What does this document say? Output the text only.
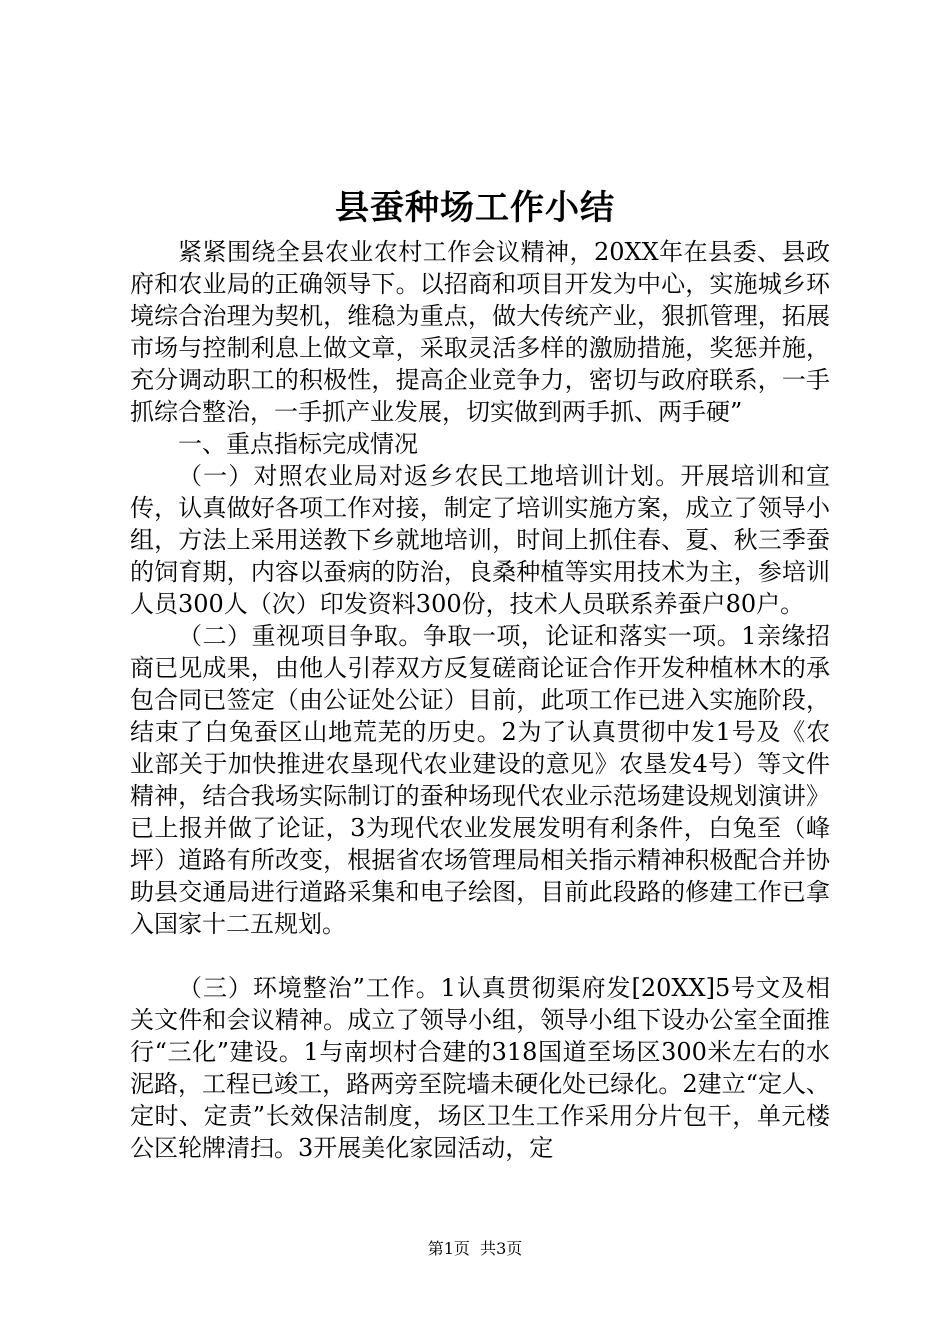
县蚕种场工作小结

紧紧围绕全县农业农村工作会议精神，20XX年在县委、县政府和农业局的正确领导下。以招商和项目开发为中心，实施城乡环境综合治理为契机，维稳为重点，做大传统产业，狠抓管理，拓展市场与控制利息上做文章，采取灵活多样的激励措施，奖惩并施，充分调动职工的积极性，提高企业竞争力，密切与政府联系，一手抓综合整治，一手抓产业发展，切实做到两手抓、两手硬”

一、重点指标完成情况

（一）对照农业局对返乡农民工地培训计划。开展培训和宣传，认真做好各项工作对接，制定了培训实施方案，成立了领导小组，方法上采用送教下乡就地培训，时间上抓住春、夏、秋三季蚕的饲育期，内容以蚕病的防治，良桑种植等实用技术为主，参培训人员300人（次）印发资料300份，技术人员联系养蚕户80户。

（二）重视项目争取。争取一项，论证和落实一项。1亲缘招商已见成果，由他人引荐双方反复磋商论证合作开发种植林木的承包合同已签定（由公证处公证）目前，此项工作已进入实施阶段，结束了白兔蚕区山地荒芜的历史。2为了认真贯彻中发1号及《农业部关于加快推进农垦现代农业建设的意见》农垦发4号）等文件精神，结合我场实际制订的蚕种场现代农业示范场建设规划演讲》已上报并做了论证，3为现代农业发展发明有利条件，白兔至（峰坪）道路有所改变，根据省农场管理局相关指示精神积极配合并协助县交通局进行道路采集和电子绘图，目前此段路的修建工作已拿入国家十二五规划。

（三）环境整治”工作。1认真贯彻渠府发[20XX]5号文及相关文件和会议精神。成立了领导小组，领导小组下设办公室全面推行“三化”建设。1与南坝村合建的318国道至场区300米左右的水泥路，工程已竣工，路两旁至院墙未硬化处已绿化。2建立“定人、定时、定责”长效保洁制度，场区卫生工作采用分片包干，单元楼公区轮牌清扫。3开展美化家园活动，定

第1页  共3页
